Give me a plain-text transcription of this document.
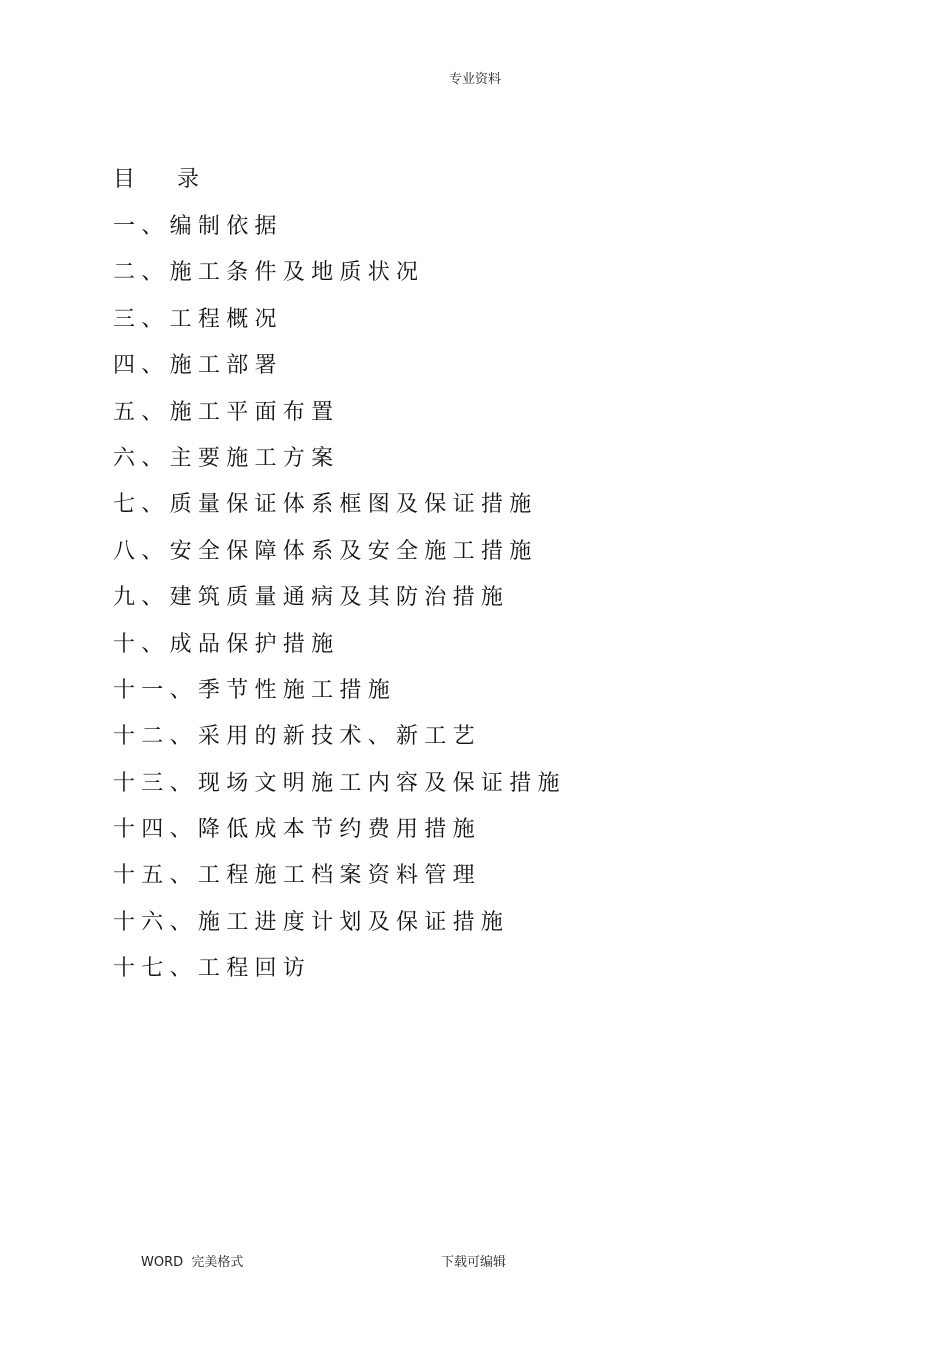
专业资料
目      录
一、编制依据
二、施工条件及地质状况
三、工程概况
四、施工部署
五、施工平面布置
六、主要施工方案
七、质量保证体系框图及保证措施
八、安全保障体系及安全施工措施
九、建筑质量通病及其防治措施
十、成品保护措施
十一、季节性施工措施
十二、采用的新技术、新工艺
十三、现场文明施工内容及保证措施
十四、降低成本节约费用措施
十五、工程施工档案资料管理
十六、施工进度计划及保证措施
十七、工程回访
WORD  完美格式	下载可编辑
